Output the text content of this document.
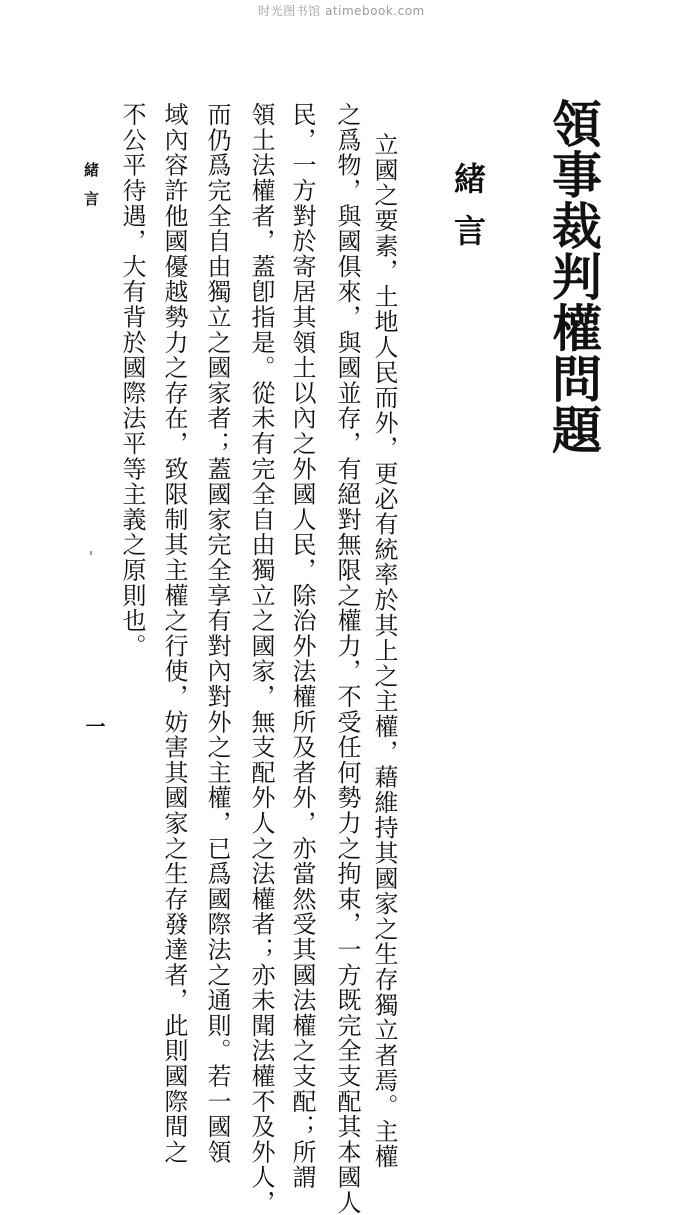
时光图书馆 atimebook.com
領事裁判權問題
緒言
立國之要素，土地人民而外，更必有統率於其上之主權，藉維持其國家之生存獨立者焉。主權
之爲物，與國俱來，與國並存，有絕對無限之權力，不受任何勢力之拘束，一方既完全支配其本國人
民，一方對於寄居其領土以內之外國人民，除治外法權所及者外，亦當然受其國法權之支配；所謂
領土法權者，蓋卽指是。從未有完全自由獨立之國家，無支配外人之法權者；亦未聞法權不及外人，
而仍爲完全自由獨立之國家者；蓋國家完全享有對內對外之主權，已爲國際法之通則。若一國領
域內容許他國優越勢力之存在，致限制其主權之行使，妨害其國家之生存發達者，此則國際間之
不公平待遇，大有背於國際法平等主義之原則也。
緒言
一
